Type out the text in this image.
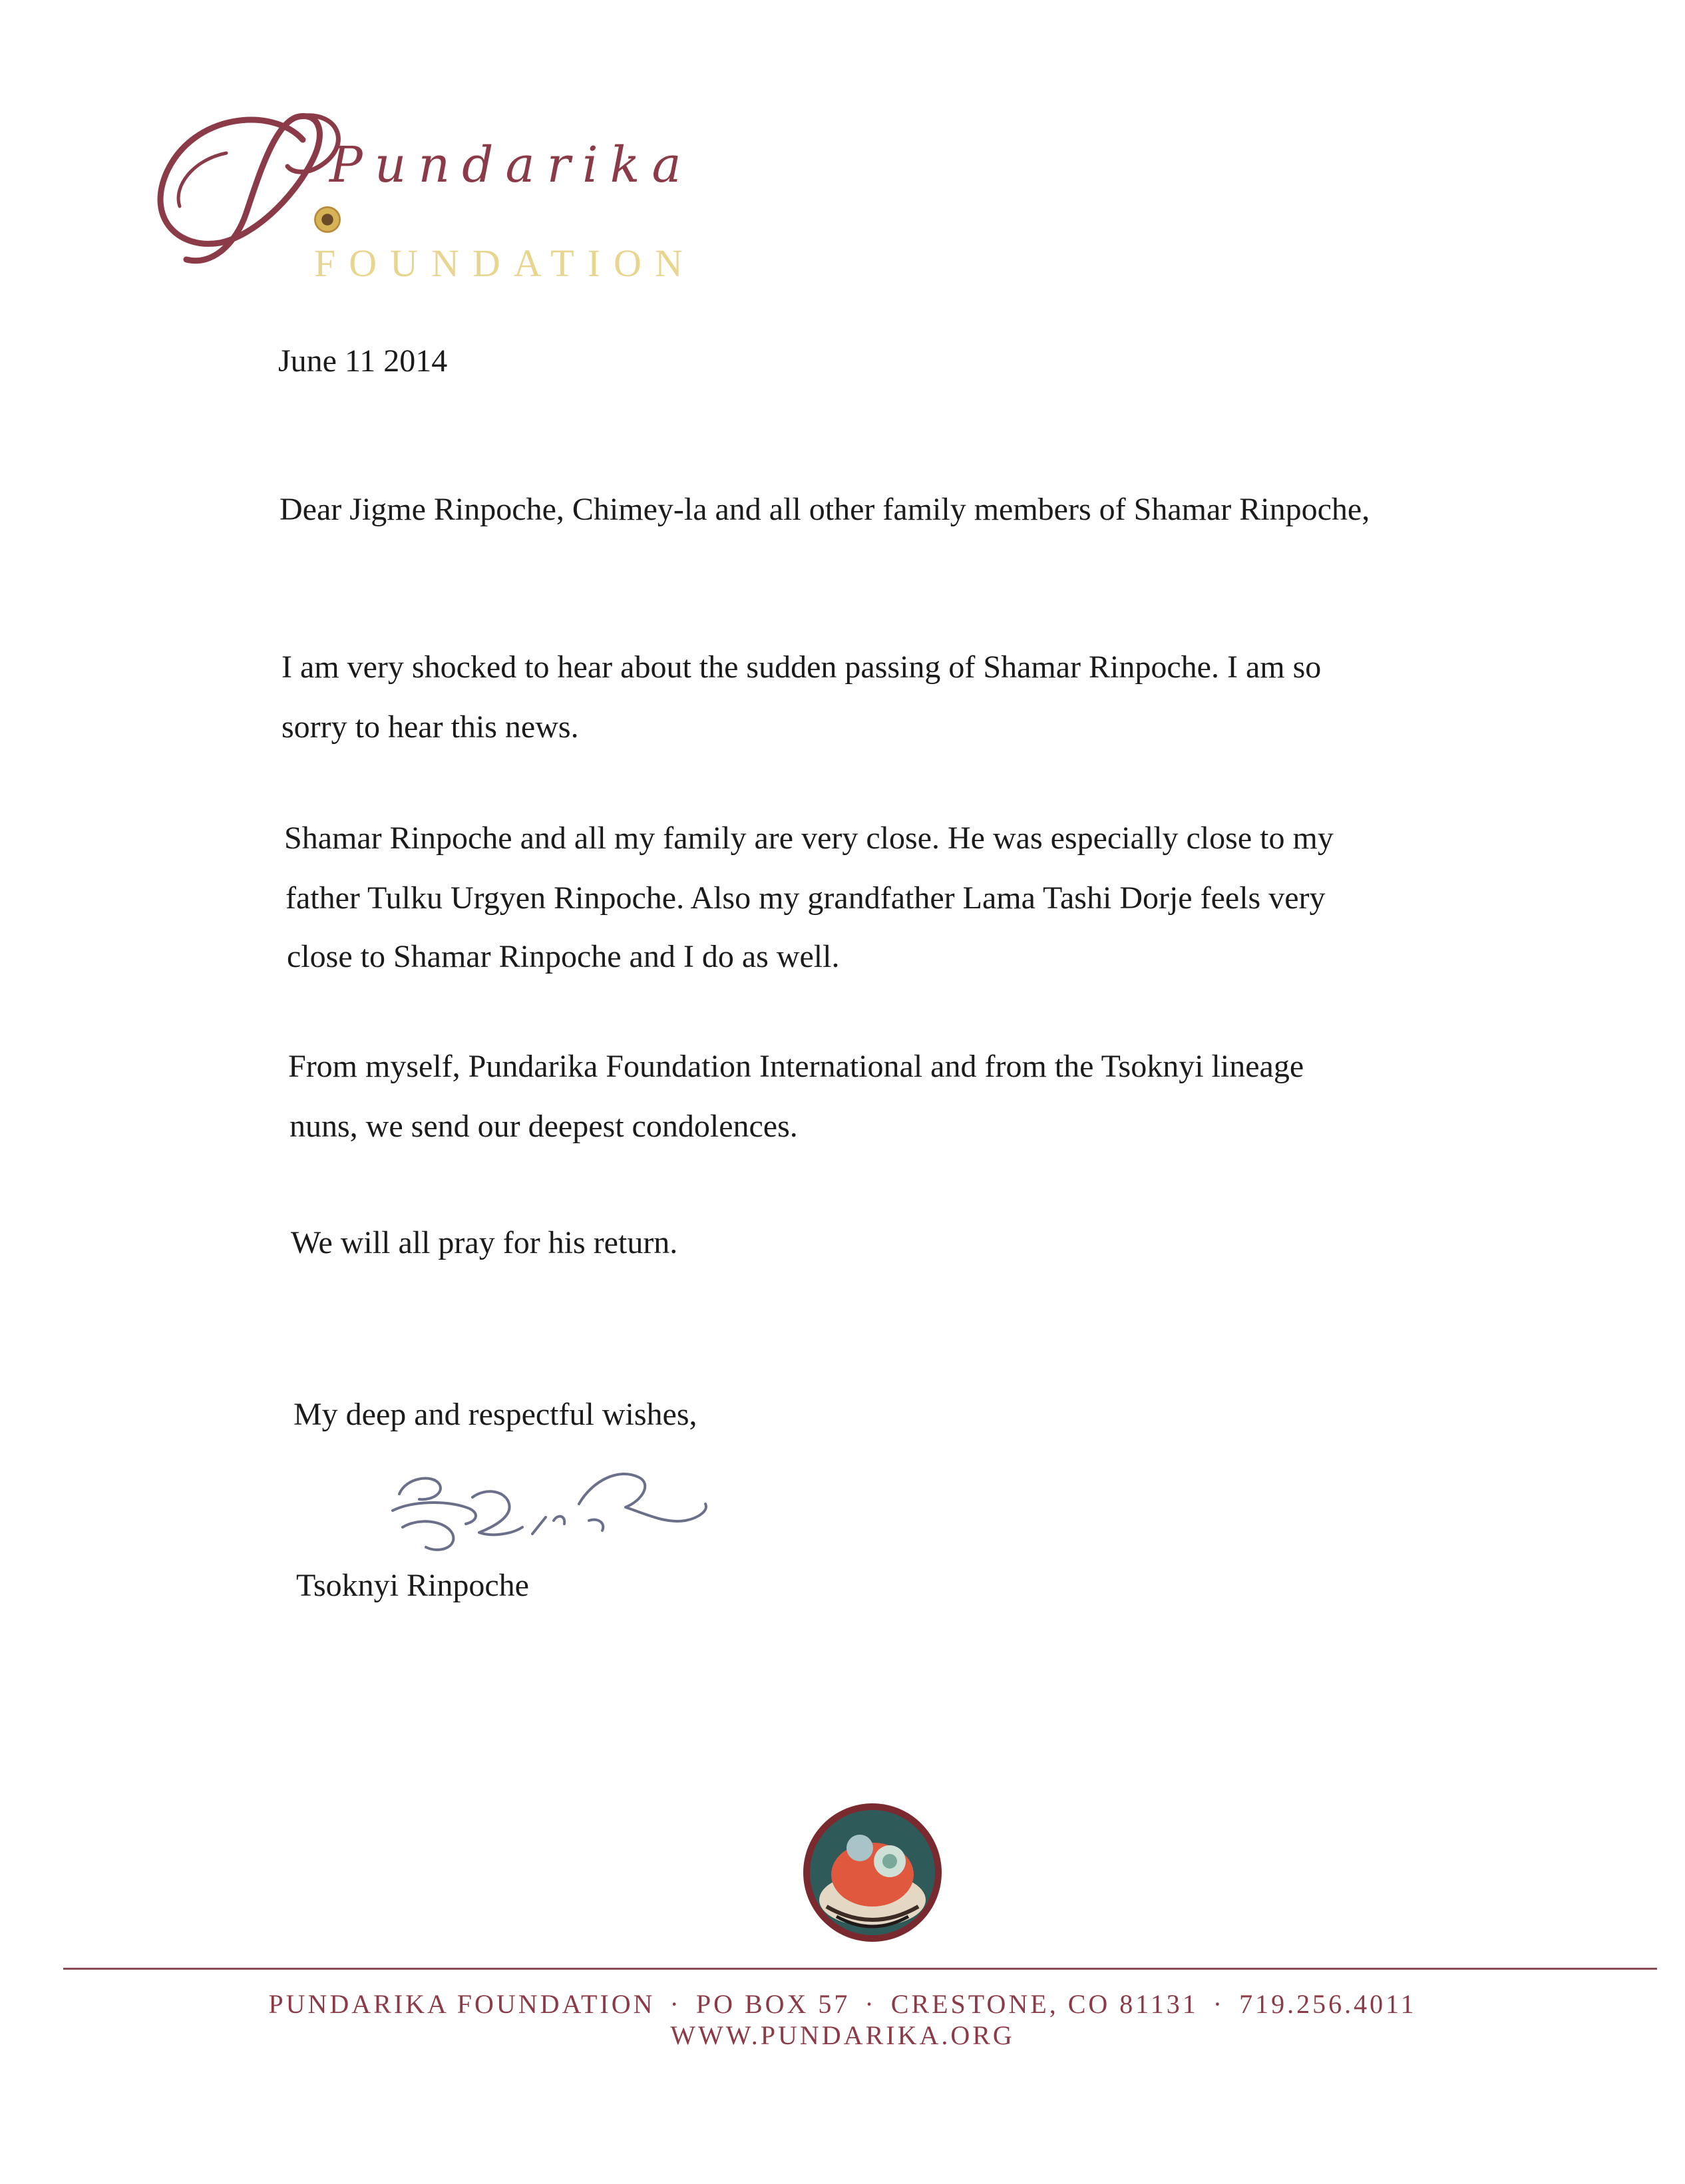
Pundarika
FOUNDATION
June 11 2014
Dear Jigme Rinpoche, Chimey-la and all other family members of Shamar Rinpoche,
I am very shocked to hear about the sudden passing of Shamar Rinpoche. I am so
sorry to hear this news.
Shamar Rinpoche and all my family are very close. He was especially close to my
father Tulku Urgyen Rinpoche. Also my grandfather Lama Tashi Dorje feels very
close to Shamar Rinpoche and I do as well.
From myself, Pundarika Foundation International and from the Tsoknyi lineage
nuns, we send our deepest condolences.
We will all pray for his return.
My deep and respectful wishes,
Tsoknyi Rinpoche
PUNDARIKA FOUNDATION · PO BOX 57 · CRESTONE, CO 81131 · 719.256.4011
WWW.PUNDARIKA.ORG
